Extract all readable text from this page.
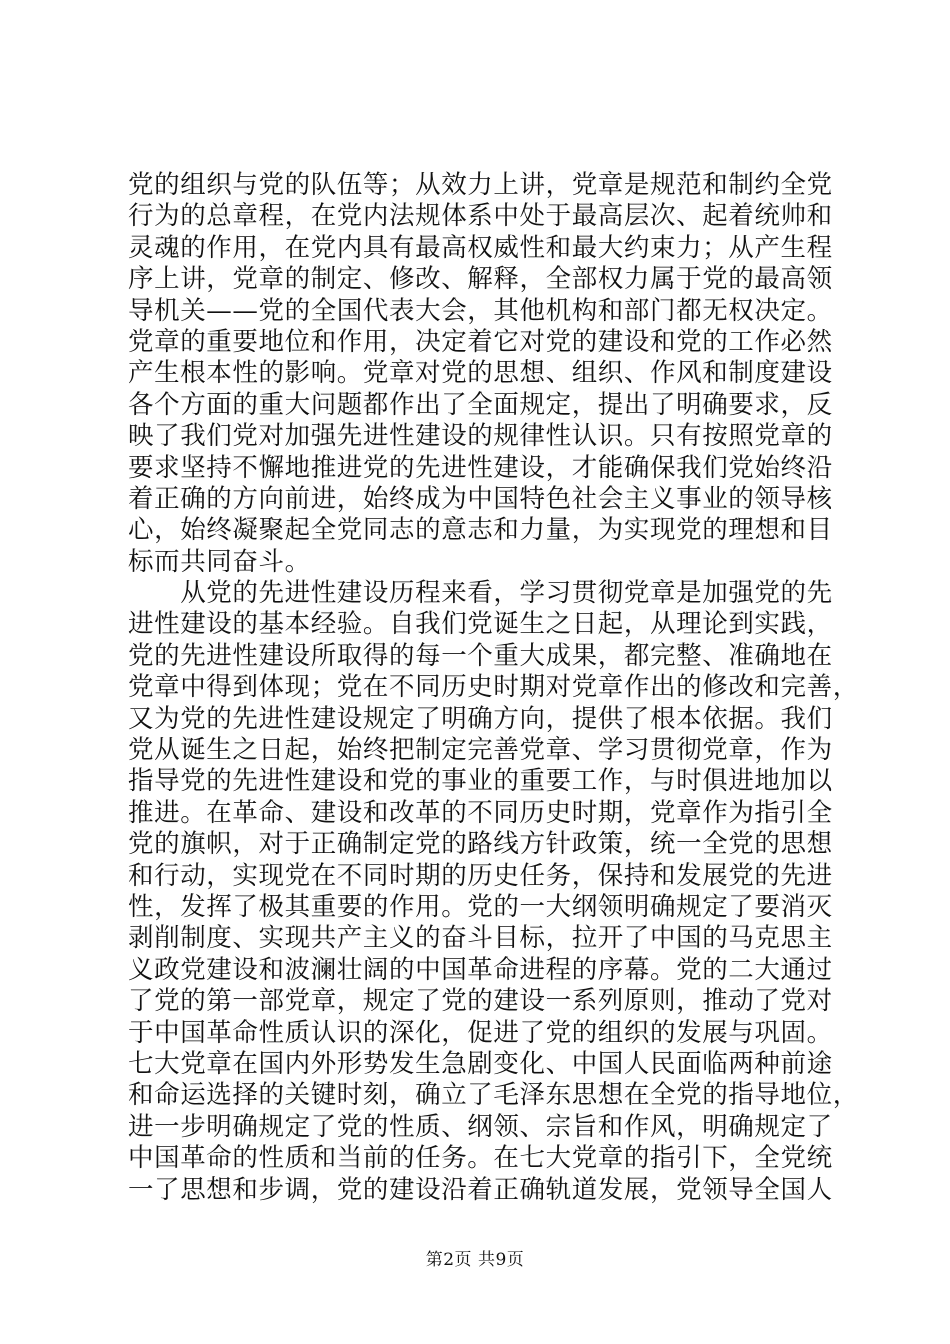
党的组织与党的队伍等；从效力上讲，党章是规范和制约全党
行为的总章程，在党内法规体系中处于最高层次、起着统帅和
灵魂的作用，在党内具有最高权威性和最大约束力；从产生程
序上讲，党章的制定、修改、解释，全部权力属于党的最高领
导机关——党的全国代表大会，其他机构和部门都无权决定。
党章的重要地位和作用，决定着它对党的建设和党的工作必然
产生根本性的影响。党章对党的思想、组织、作风和制度建设
各个方面的重大问题都作出了全面规定，提出了明确要求，反
映了我们党对加强先进性建设的规律性认识。只有按照党章的
要求坚持不懈地推进党的先进性建设，才能确保我们党始终沿
着正确的方向前进，始终成为中国特色社会主义事业的领导核
心，始终凝聚起全党同志的意志和力量，为实现党的理想和目
标而共同奋斗。
　　从党的先进性建设历程来看，学习贯彻党章是加强党的先
进性建设的基本经验。自我们党诞生之日起，从理论到实践，
党的先进性建设所取得的每一个重大成果，都完整、准确地在
党章中得到体现；党在不同历史时期对党章作出的修改和完善，
又为党的先进性建设规定了明确方向，提供了根本依据。我们
党从诞生之日起，始终把制定完善党章、学习贯彻党章，作为
指导党的先进性建设和党的事业的重要工作，与时俱进地加以
推进。在革命、建设和改革的不同历史时期，党章作为指引全
党的旗帜，对于正确制定党的路线方针政策，统一全党的思想
和行动，实现党在不同时期的历史任务，保持和发展党的先进
性，发挥了极其重要的作用。党的一大纲领明确规定了要消灭
剥削制度、实现共产主义的奋斗目标，拉开了中国的马克思主
义政党建设和波澜壮阔的中国革命进程的序幕。党的二大通过
了党的第一部党章，规定了党的建设一系列原则，推动了党对
于中国革命性质认识的深化，促进了党的组织的发展与巩固。
七大党章在国内外形势发生急剧变化、中国人民面临两种前途
和命运选择的关键时刻，确立了毛泽东思想在全党的指导地位，
进一步明确规定了党的性质、纲领、宗旨和作风，明确规定了
中国革命的性质和当前的任务。在七大党章的指引下，全党统
一了思想和步调，党的建设沿着正确轨道发展，党领导全国人
第2页 共9页
